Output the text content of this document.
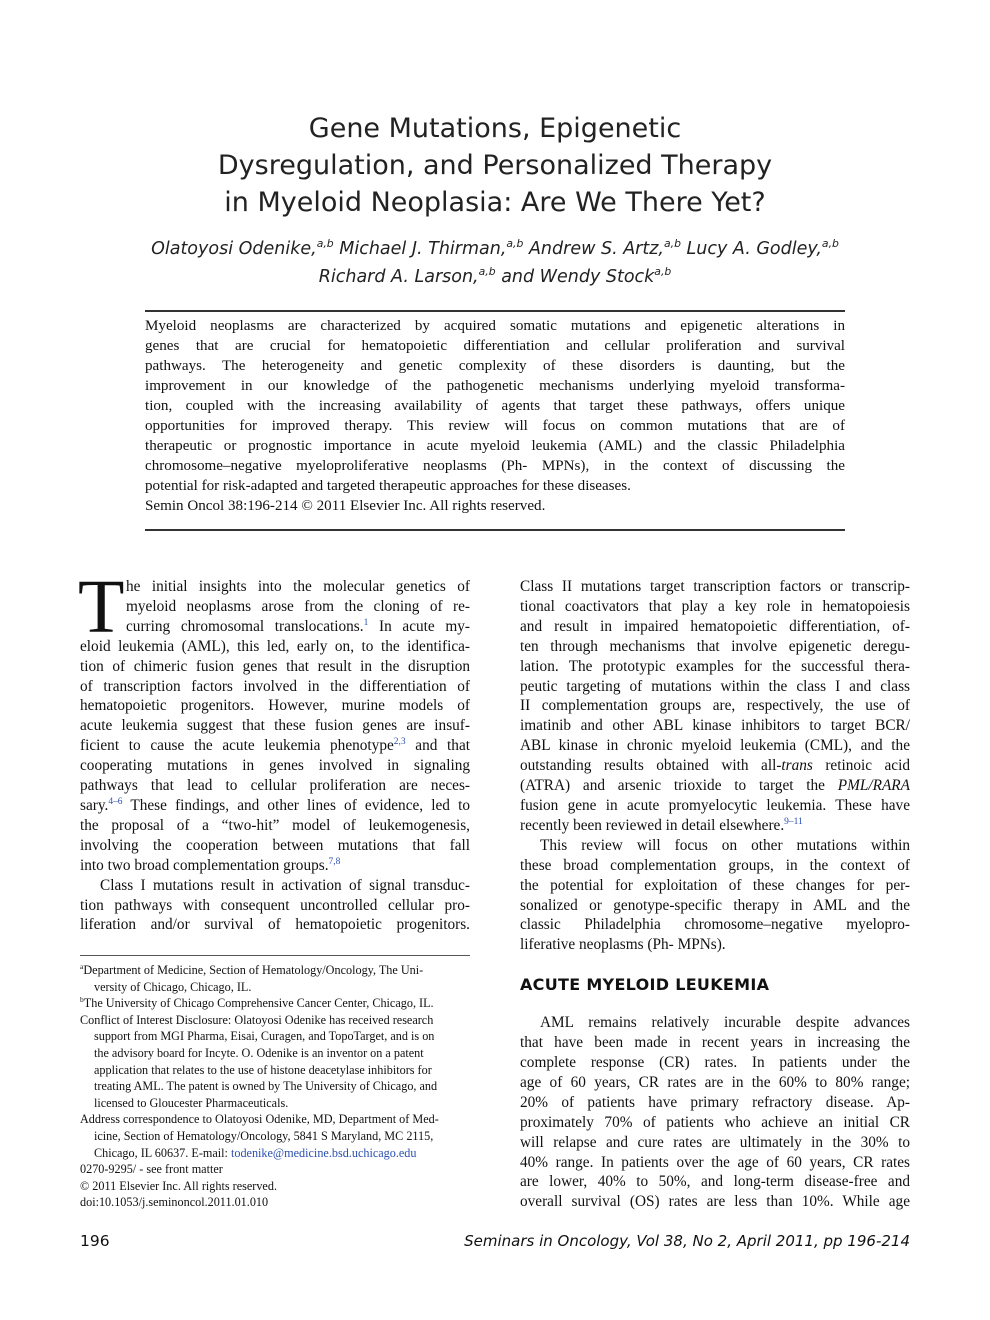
Gene Mutations, Epigenetic
Dysregulation, and Personalized Therapy
in Myeloid Neoplasia: Are We There Yet?
Olatoyosi Odenike,$^{a,b}$ Michael J. Thirman,$^{a,b}$ Andrew S. Artz,$^{a,b}$ Lucy A. Godley,$^{a,b}$
Richard A. Larson,$^{a,b}$ and Wendy Stock$^{a,b}$
Myeloid neoplasms are characterized by acquired somatic mutations and epigenetic alterations in
genes that are crucial for hematopoietic differentiation and cellular proliferation and survival
pathways. The heterogeneity and genetic complexity of these disorders is daunting, but the
improvement in our knowledge of the pathogenetic mechanisms underlying myeloid transforma-
tion, coupled with the increasing availability of agents that target these pathways, offers unique
opportunities for improved therapy. This review will focus on common mutations that are of
therapeutic or prognostic importance in acute myeloid leukemia (AML) and the classic Philadelphia
chromosome–negative myeloproliferative neoplasms (Ph- MPNs), in the context of discussing the
potential for risk-adapted and targeted therapeutic approaches for these diseases.
Semin Oncol 38:196-214 © 2011 Elsevier Inc. All rights reserved.
T he initial insights into the molecular genetics of
myeloid neoplasms arose from the cloning of re-
curring chromosomal translocations.$^1$ In acute my-
eloid leukemia (AML), this led, early on, to the identifica-
tion of chimeric fusion genes that result in the disruption
of transcription factors involved in the differentiation of
hematopoietic progenitors. However, murine models of
acute leukemia suggest that these fusion genes are insuf-
ficient to cause the acute leukemia phenotype$^{2,3}$ and that
cooperating mutations in genes involved in signaling
pathways that lead to cellular proliferation are neces-
sary.$^{4-6}$ These findings, and other lines of evidence, led to
the proposal of a “two-hit” model of leukemogenesis,
involving the cooperation between mutations that fall
into two broad complementation groups.$^{7,8}$
Class I mutations result in activation of signal transduc-
tion pathways with consequent uncontrolled cellular pro-
liferation and/or survival of hematopoietic progenitors.
$^a$Department of Medicine, Section of Hematology/Oncology, The Uni-
versity of Chicago, Chicago, IL.
$^b$The University of Chicago Comprehensive Cancer Center, Chicago, IL.
Conflict of Interest Disclosure: Olatoyosi Odenike has received research
support from MGI Pharma, Eisai, Curagen, and TopoTarget, and is on
the advisory board for Incyte. O. Odenike is an inventor on a patent
application that relates to the use of histone deacetylase inhibitors for
treating AML. The patent is owned by The University of Chicago, and
licensed to Gloucester Pharmaceuticals.
Address correspondence to Olatoyosi Odenike, MD, Department of Med-
icine, Section of Hematology/Oncology, 5841 S Maryland, MC 2115,
Chicago, IL 60637. E-mail: todenike@medicine.bsd.uchicago.edu
0270-9295/ - see front matter
© 2011 Elsevier Inc. All rights reserved.
doi:10.1053/j.seminoncol.2011.01.010
Class II mutations target transcription factors or transcrip-
tional coactivators that play a key role in hematopoiesis
and result in impaired hematopoietic differentiation, of-
ten through mechanisms that involve epigenetic deregu-
lation. The prototypic examples for the successful thera-
peutic targeting of mutations within the class I and class
II complementation groups are, respectively, the use of
imatinib and other ABL kinase inhibitors to target BCR/
ABL kinase in chronic myeloid leukemia (CML), and the
outstanding results obtained with all-trans retinoic acid
(ATRA) and arsenic trioxide to target the PML/RARA
fusion gene in acute promyelocytic leukemia. These have
recently been reviewed in detail elsewhere.$^{9-11}$
This review will focus on other mutations within
these broad complementation groups, in the context of
the potential for exploitation of these changes for per-
sonalized or genotype-specific therapy in AML and the
classic Philadelphia chromosome–negative myelopro-
liferative neoplasms (Ph- MPNs).
ACUTE MYELOID LEUKEMIA
AML remains relatively incurable despite advances
that have been made in recent years in increasing the
complete response (CR) rates. In patients under the
age of 60 years, CR rates are in the 60% to 80% range;
20% of patients have primary refractory disease. Ap-
proximately 70% of patients who achieve an initial CR
will relapse and cure rates are ultimately in the 30% to
40% range. In patients over the age of 60 years, CR rates
are lower, 40% to 50%, and long-term disease-free and
overall survival (OS) rates are less than 10%. While age
196	Seminars in Oncology, Vol 38, No 2, April 2011, pp 196-214
